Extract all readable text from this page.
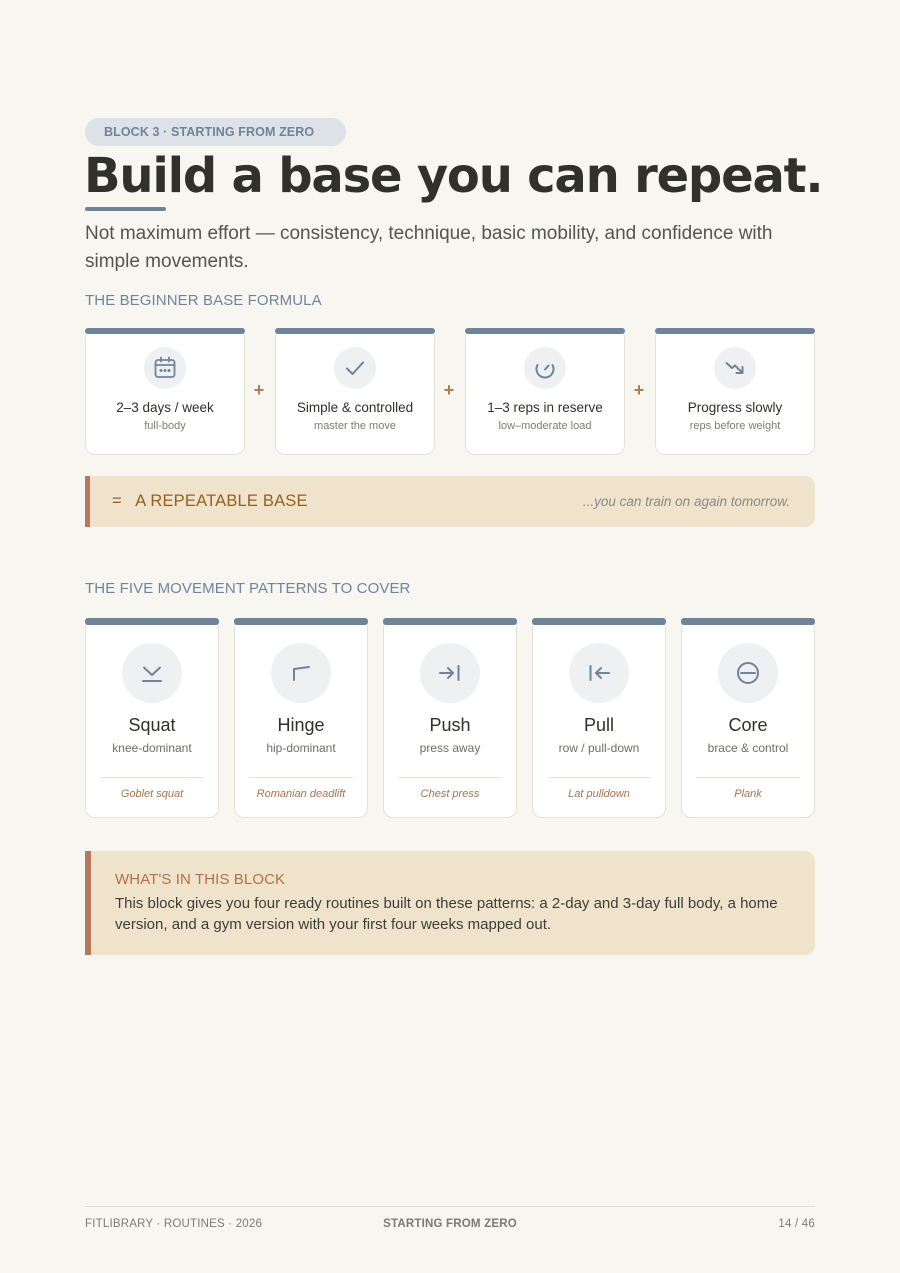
BLOCK 3 · STARTING FROM ZERO
Build a base you can repeat.

Not maximum effort — consistency, technique, basic mobility, and confidence with simple movements.

THE BEGINNER BASE FORMULA
2–3 days / week
full-body
+
Simple & controlled
master the move
+
1–3 reps in reserve
low–moderate load
+
Progress slowly
reps before weight
=   A REPEATABLE BASE	...you can train on again tomorrow.
THE FIVE MOVEMENT PATTERNS TO COVER
Squat
knee-dominant
Goblet squat
Hinge
hip-dominant
Romanian deadlift
Push
press away
Chest press
Pull
row / pull-down
Lat pulldown
Core
brace & control
Plank
WHAT'S IN THIS BLOCK
This block gives you four ready routines built on these patterns: a 2-day and 3-day full body, a home version, and a gym version with your first four weeks mapped out.
FITLIBRARY · ROUTINES · 2026	STARTING FROM ZERO	14 / 46
